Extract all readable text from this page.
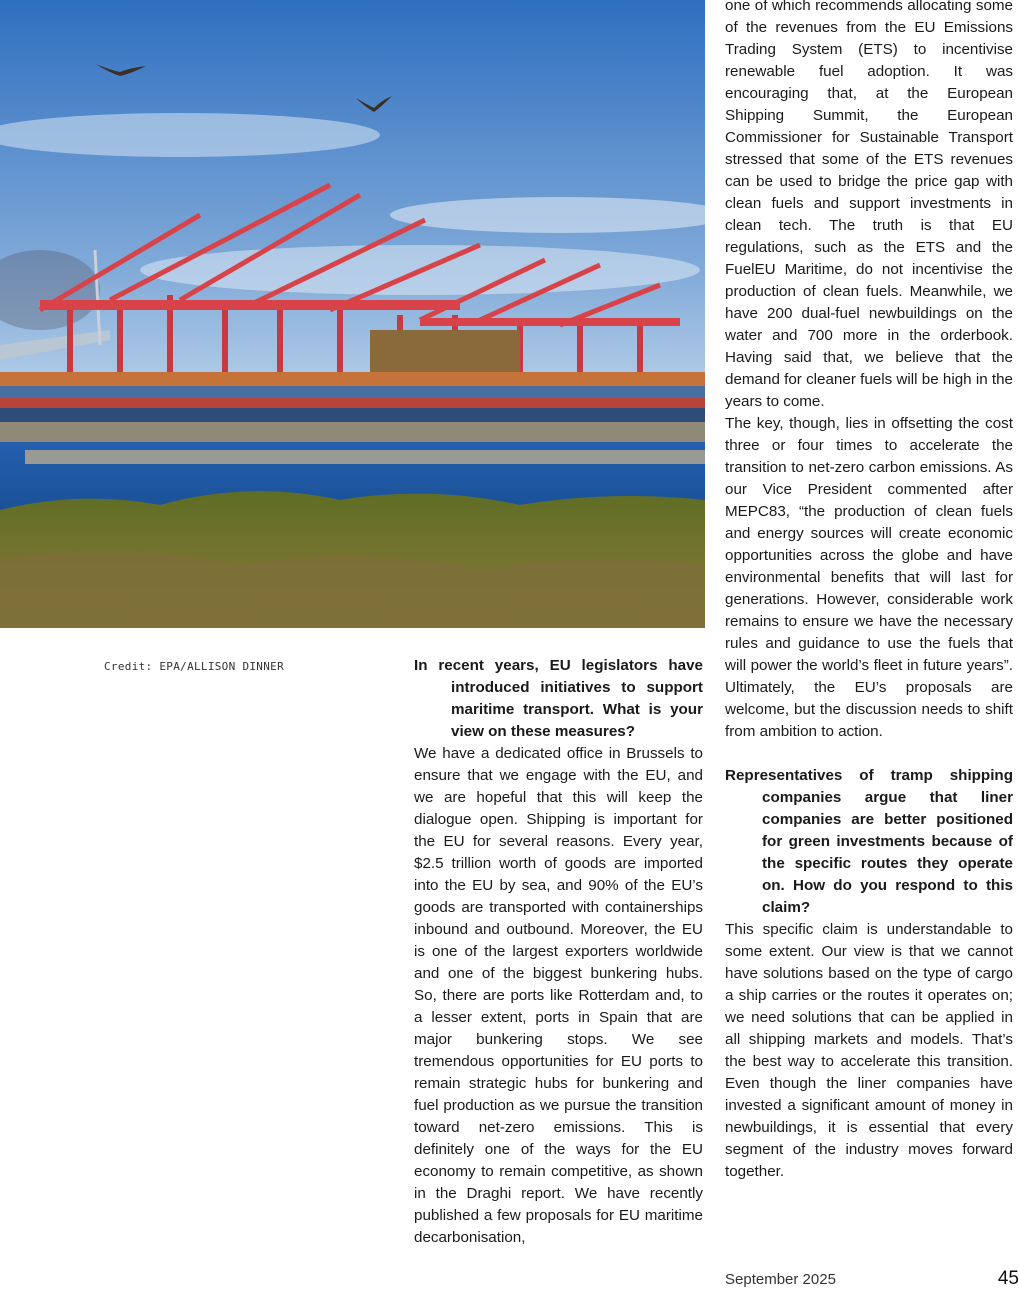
Credit: EPA/ALLISON DINNER	In recent years, EU legislators have introduced initiatives to support maritime transport. What is your view on these measures?

We have a dedicated office in Brussels to ensure that we engage with the EU, and we are hopeful that this will keep the dialogue open. Shipping is important for the EU for several reasons. Every year, $2.5 trillion worth of goods are imported into the EU by sea, and 90% of the EU’s goods are transported with containerships inbound and outbound. Moreover, the EU is one of the largest exporters worldwide and one of the biggest bunkering hubs. So, there are ports like Rotterdam and, to a lesser extent, ports in Spain that are major bunkering stops. We see tremendous opportunities for EU ports to remain strategic hubs for bunkering and fuel production as we pursue the transition toward net-zero emissions. This is definitely one of the ways for the EU economy to remain competitive, as shown in the Draghi report. We have recently published a few proposals for EU maritime decarbonisation,

one of which recommends allocating some of the revenues from the EU Emissions Trading System (ETS) to incentivise renewable fuel adoption. It was encouraging that, at the European Shipping Summit, the European Commissioner for Sustainable Transport stressed that some of the ETS revenues can be used to bridge the price gap with clean fuels and support investments in clean tech. The truth is that EU regulations, such as the ETS and the FuelEU Maritime, do not incentivise the production of clean fuels. Meanwhile, we have 200 dual-fuel newbuildings on the water and 700 more in the orderbook. Having said that, we believe that the demand for cleaner fuels will be high in the years to come.

The key, though, lies in offsetting the cost three or four times to accelerate the transition to net-zero carbon emissions. As our Vice President commented after MEPC83, “the production of clean fuels and energy sources will create economic opportunities across the globe and have environmental benefits that will last for generations. However, considerable work remains to ensure we have the necessary rules and guidance to use the fuels that will power the world’s fleet in future years”. Ultimately, the EU’s proposals are welcome, but the discussion needs to shift from ambition to action.

Representatives of tramp shipping companies argue that liner companies are better positioned for green investments because of the specific routes they operate on. How do you respond to this claim?

This specific claim is understandable to some extent. Our view is that we cannot have solutions based on the type of cargo a ship carries or the routes it operates on; we need solutions that can be applied in all shipping markets and models. That’s the best way to accelerate this transition. Even though the liner companies have invested a significant amount of money in newbuildings, it is essential that every segment of the industry moves forward together.

September 2025	45
